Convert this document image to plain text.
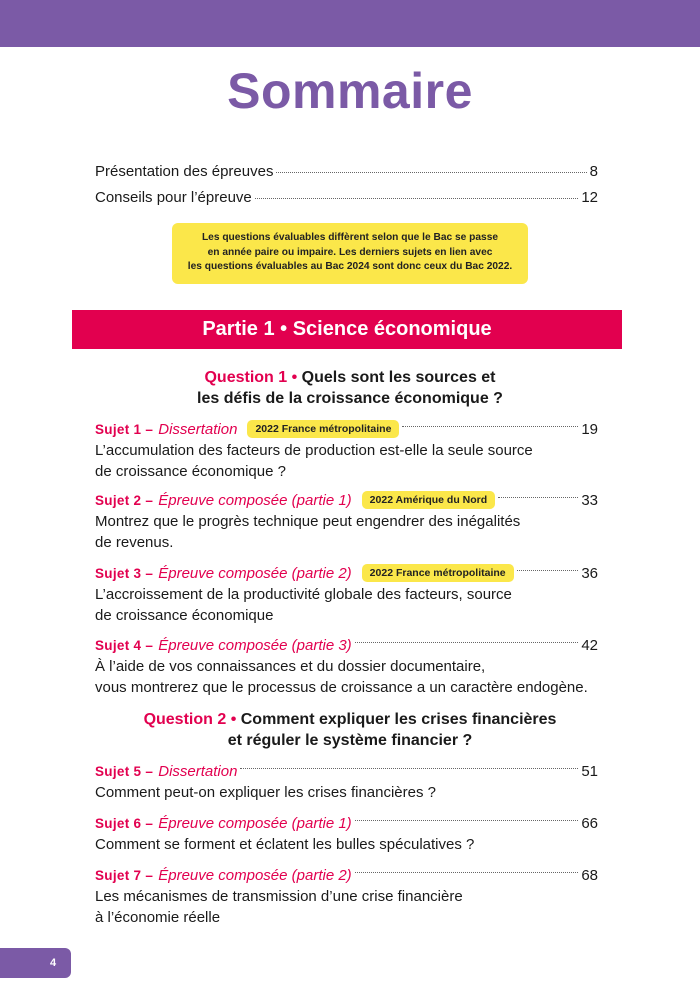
Sommaire
Présentation des épreuves	8
Conseils pour l’épreuve	12
Les questions évaluables diffèrent selon que le Bac se passe
en année paire ou impaire. Les derniers sujets en lien avec
les questions évaluables au Bac 2024 sont donc ceux du Bac 2022.
Partie 1 • Science économique
Question 1 • Quels sont les sources et
les défis de la croissance économique ?
Sujet 1 – Dissertation	2022 France métropolitaine	19
L’accumulation des facteurs de production est-elle la seule source
de croissance économique ?
Sujet 2 – Épreuve composée (partie 1)	2022 Amérique du Nord	33
Montrez que le progrès technique peut engendrer des inégalités
de revenus.
Sujet 3 – Épreuve composée (partie 2)	2022 France métropolitaine	36
L’accroissement de la productivité globale des facteurs, source
de croissance économique
Sujet 4 – Épreuve composée (partie 3)	42
À l’aide de vos connaissances et du dossier documentaire,
vous montrerez que le processus de croissance a un caractère endogène.
Question 2 • Comment expliquer les crises financières
et réguler le système financier ?
Sujet 5 – Dissertation	51
Comment peut-on expliquer les crises financières ?
Sujet 6 – Épreuve composée (partie 1)	66
Comment se forment et éclatent les bulles spéculatives ?
Sujet 7 – Épreuve composée (partie 2)	68
Les mécanismes de transmission d’une crise financière
à l’économie réelle
4
